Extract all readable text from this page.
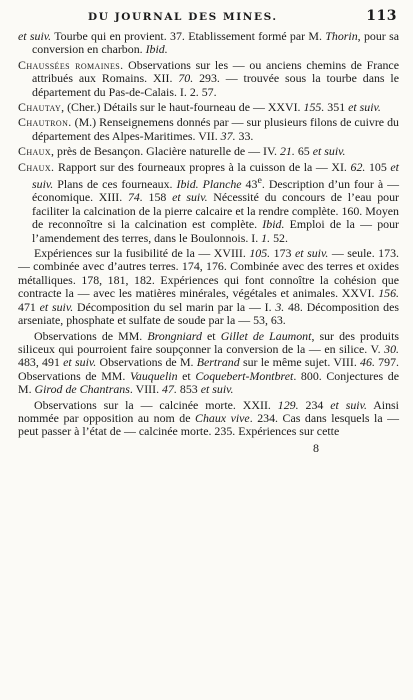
DU JOURNAL DES MINES.	113

et suiv. Tourbe qui en provient. 37. Etablissement formé par M. Thorin, pour sa conversion en charbon. Ibid.

Chaussées romaines. Observations sur les — ou anciens chemins de France attribués aux Romains. XII. 70. 293. — trouvée sous la tourbe dans le département du Pas-de-Calais. I. 2. 57.

Chautay, (Cher.) Détails sur le haut-fourneau de — XXVI. 155. 351 et suiv.

Chautron. (M.) Renseignemens donnés par — sur plusieurs filons de cuivre du département des Alpes-Maritimes. VII. 37. 33.

Chaux, près de Besançon. Glacière naturelle de — IV. 21. 65 et suiv.

Chaux. Rapport sur des fourneaux propres à la cuisson de la — XI. 62. 105 et suiv. Plans de ces fourneaux. Ibid. Planche 43e. Description d’un four à — économique. XIII. 74. 158 et suiv. Nécessité du concours de l’eau pour faciliter la calcination de la pierre calcaire et la rendre complète. 160. Moyen de reconnoître si la calcination est complète. Ibid. Emploi de la — pour l’amendement des terres, dans le Boulonnois. I. 1. 52.

Expériences sur la fusibilité de la — XVIII. 105. 173 et suiv. — seule. 173. — combinée avec d’autres terres. 174, 176. Combinée avec des terres et oxides métalliques. 178, 181, 182. Expériences qui font connoître la cohésion que contracte la — avec les matières minérales, végétales et animales. XXVI. 156. 471 et suiv. Décomposition du sel marin par la — I. 3. 48. Décomposition des arseniate, phosphate et sulfate de soude par la — 53, 63.

Observations de MM. Brongniard et Gillet de Laumont, sur des produits siliceux qui pourroient faire soupçonner la conversion de la — en silice. V. 30. 483, 491 et suiv. Observations de M. Bertrand sur le même sujet. VIII. 46. 797. Observations de MM. Vauquelin et Coquebert-Montbret. 800. Conjectures de M. Girod de Chantrans. VIII. 47. 853 et suiv.

Observations sur la — calcinée morte. XXII. 129. 234 et suiv. Ainsi nommée par opposition au nom de Chaux vive. 234. Cas dans lesquels la — peut passer à l’état de — calcinée morte. 235. Expériences sur cette

8
